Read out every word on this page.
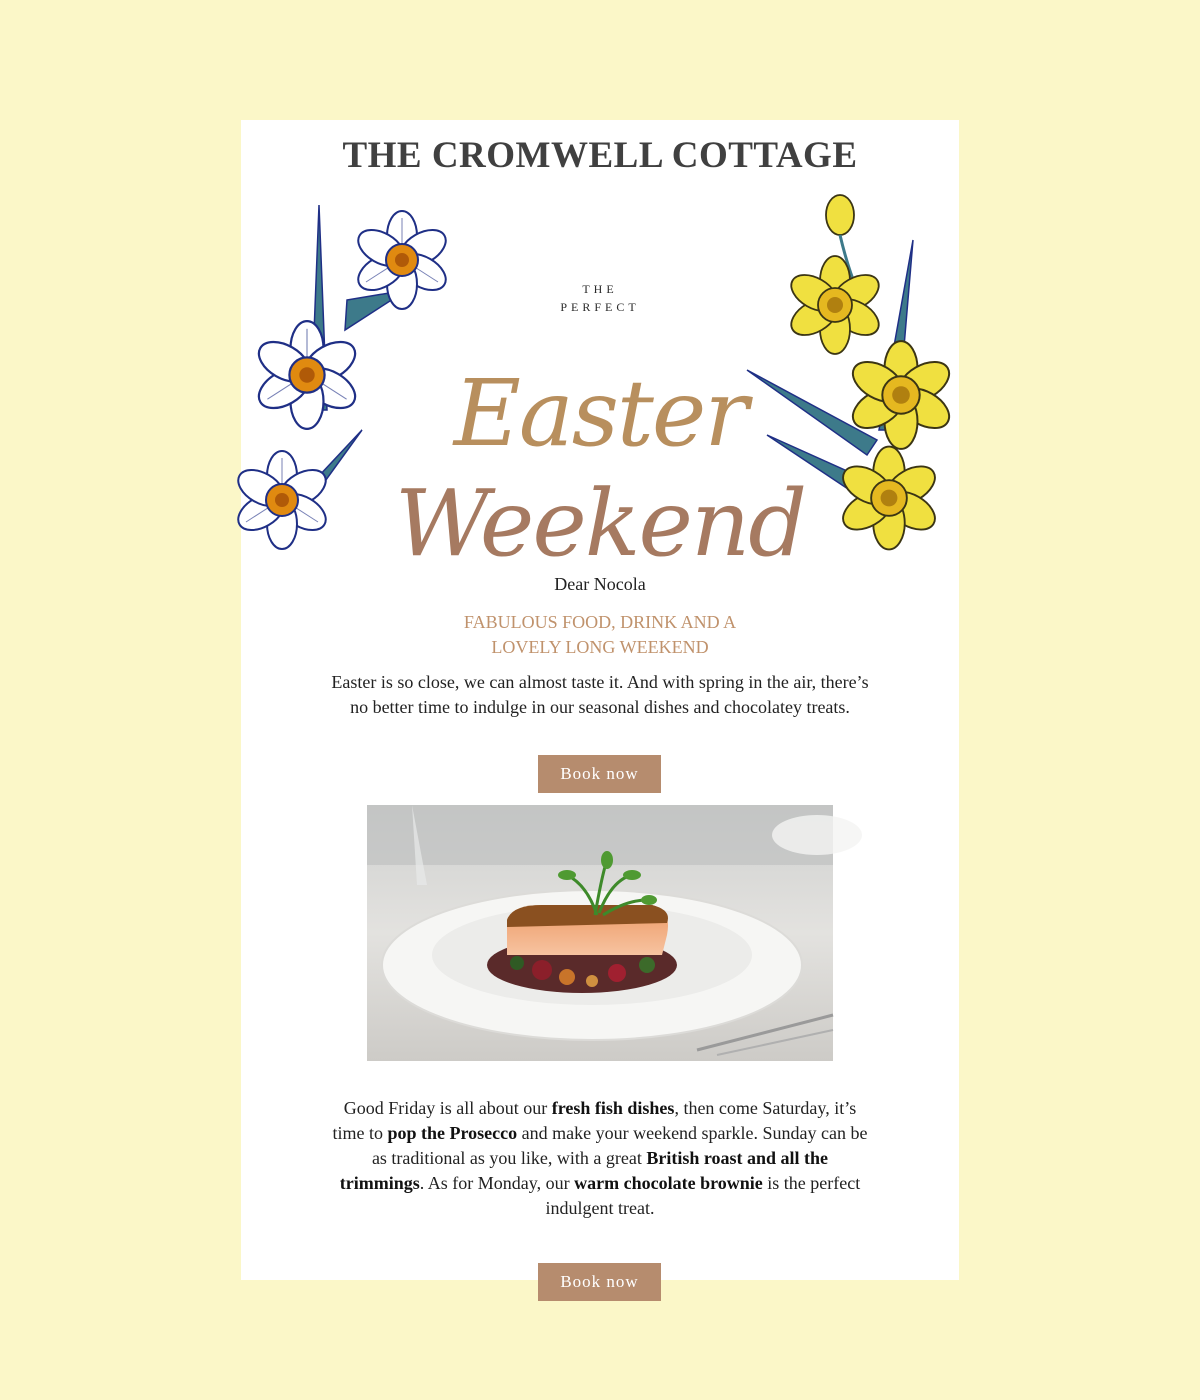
THE
PERFECT
Easter
Weekend
THE CROMWELL COTTAGE
Dear Nocola
FABULOUS FOOD, DRINK AND A
LOVELY LONG WEEKEND

Easter is so close, we can almost taste it. And with spring in the air, there’s no better time to indulge in our seasonal dishes and chocolatey treats.

Book now

Good Friday is all about our fresh fish dishes, then come Saturday, it’s time to pop the Prosecco and make your weekend sparkle. Sunday can be as traditional as you like, with a great British roast and all the trimmings. As for Monday, our warm chocolate brownie is the perfect indulgent treat.

Book now
